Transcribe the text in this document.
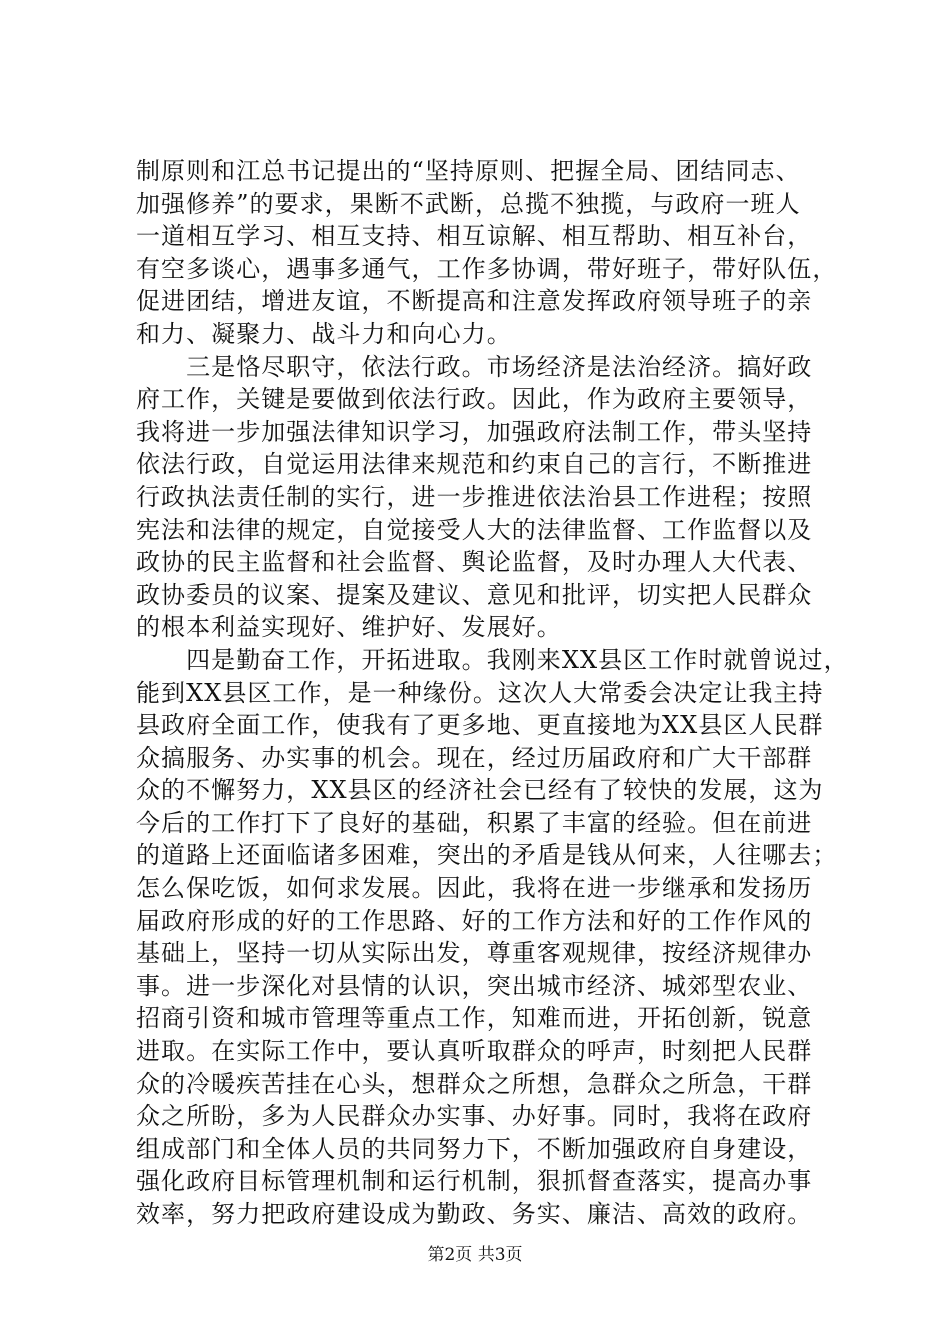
制原则和江总书记提出的“坚持原则、把握全局、团结同志、
加强修养”的要求，果断不武断，总揽不独揽，与政府一班人
一道相互学习、相互支持、相互谅解、相互帮助、相互补台，
有空多谈心，遇事多通气，工作多协调，带好班子，带好队伍，
促进团结，增进友谊，不断提高和注意发挥政府领导班子的亲
和力、凝聚力、战斗力和向心力。
　　三是恪尽职守，依法行政。市场经济是法治经济。搞好政
府工作，关键是要做到依法行政。因此，作为政府主要领导，
我将进一步加强法律知识学习，加强政府法制工作，带头坚持
依法行政，自觉运用法律来规范和约束自己的言行，不断推进
行政执法责任制的实行，进一步推进依法治县工作进程；按照
宪法和法律的规定，自觉接受人大的法律监督、工作监督以及
政协的民主监督和社会监督、舆论监督，及时办理人大代表、
政协委员的议案、提案及建议、意见和批评，切实把人民群众
的根本利益实现好、维护好、发展好。
　　四是勤奋工作，开拓进取。我刚来XX县区工作时就曾说过，
能到XX县区工作，是一种缘份。这次人大常委会决定让我主持
县政府全面工作，使我有了更多地、更直接地为XX县区人民群
众搞服务、办实事的机会。现在，经过历届政府和广大干部群
众的不懈努力，XX县区的经济社会已经有了较快的发展，这为
今后的工作打下了良好的基础，积累了丰富的经验。但在前进
的道路上还面临诸多困难，突出的矛盾是钱从何来，人往哪去；
怎么保吃饭，如何求发展。因此，我将在进一步继承和发扬历
届政府形成的好的工作思路、好的工作方法和好的工作作风的
基础上，坚持一切从实际出发，尊重客观规律，按经济规律办
事。进一步深化对县情的认识，突出城市经济、城郊型农业、
招商引资和城市管理等重点工作，知难而进，开拓创新，锐意
进取。在实际工作中，要认真听取群众的呼声，时刻把人民群
众的冷暖疾苦挂在心头，想群众之所想，急群众之所急，干群
众之所盼，多为人民群众办实事、办好事。同时，我将在政府
组成部门和全体人员的共同努力下，不断加强政府自身建设，
强化政府目标管理机制和运行机制，狠抓督查落实，提高办事
效率，努力把政府建设成为勤政、务实、廉洁、高效的政府。
第2页 共3页
